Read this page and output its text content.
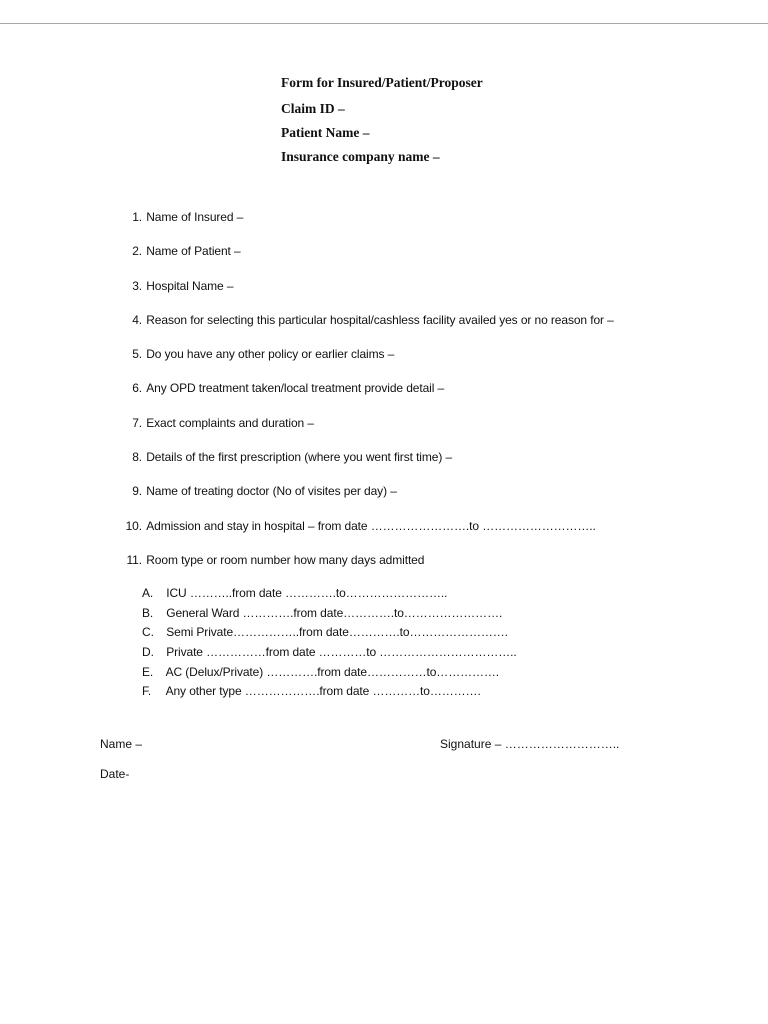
Form for Insured/Patient/Proposer
Claim ID –
Patient Name –
Insurance company name –
1. Name of Insured –
2. Name of Patient –
3. Hospital Name –
4. Reason for selecting this particular hospital/cashless facility availed yes or no reason for –
5. Do you have any other policy or earlier claims –
6. Any OPD treatment taken/local treatment provide detail –
7. Exact complaints and duration –
8. Details of the first prescription (where you went first time) –
9. Name of treating doctor (No of visites per day) –
10. Admission and stay in hospital – from date …………………….to ………………………..
11. Room type or room number how many days admitted
A. ICU ………..from date ………….to……………………..
B. General Ward ………….from date………….to…………………….
C. Semi Private……………..from date………….to…………………….
D. Private ……………from date …………to ……………………………..
E. AC (Delux/Private) ………….from date……………to…………….
F. Any other type ……………….from date …………to………….
Name –	Signature – ………………………..
Date-
